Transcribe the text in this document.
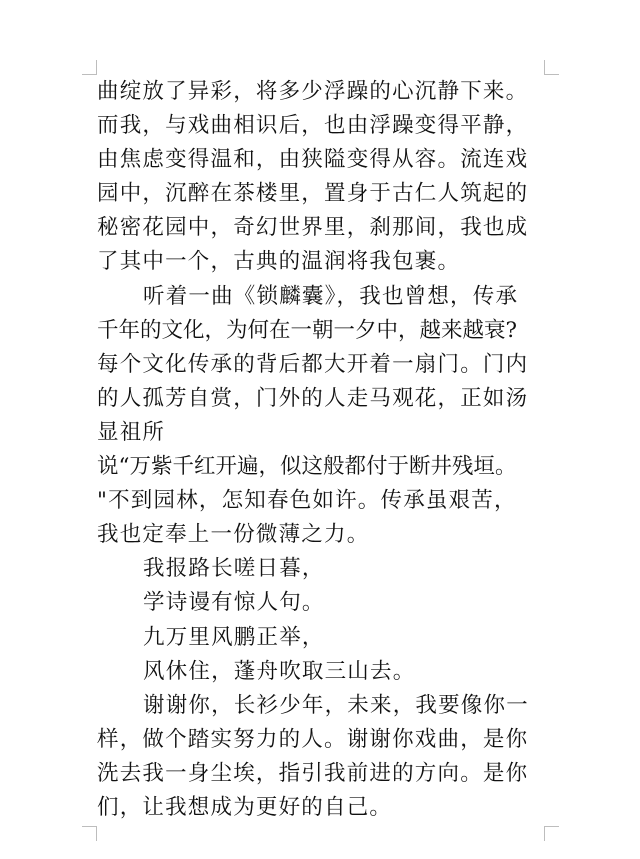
曲绽放了异彩，将多少浮躁的心沉静下来。
而我，与戏曲相识后，也由浮躁变得平静，
由焦虑变得温和，由狭隘变得从容。流连戏
园中，沉醉在茶楼里，置身于古仁人筑起的
秘密花园中，奇幻世界里，刹那间，我也成
了其中一个，古典的温润将我包裹。
听着一曲《锁麟囊》，我也曾想，传承
千年的文化，为何在一朝一夕中，越来越衰?
每个文化传承的背后都大开着一扇门。门内
的人孤芳自赏，门外的人走马观花，正如汤
显祖所
说“万紫千红开遍，似这般都付于断井残垣。
"不到园林，怎知春色如许。传承虽艰苦，
我也定奉上一份微薄之力。
我报路长嗟日暮，
学诗谩有惊人句。
九万里风鹏正举，
风休住，蓬舟吹取三山去。
谢谢你，长衫少年，未来，我要像你一
样，做个踏实努力的人。谢谢你戏曲，是你
洗去我一身尘埃，指引我前进的方向。是你
们，让我想成为更好的自己。
